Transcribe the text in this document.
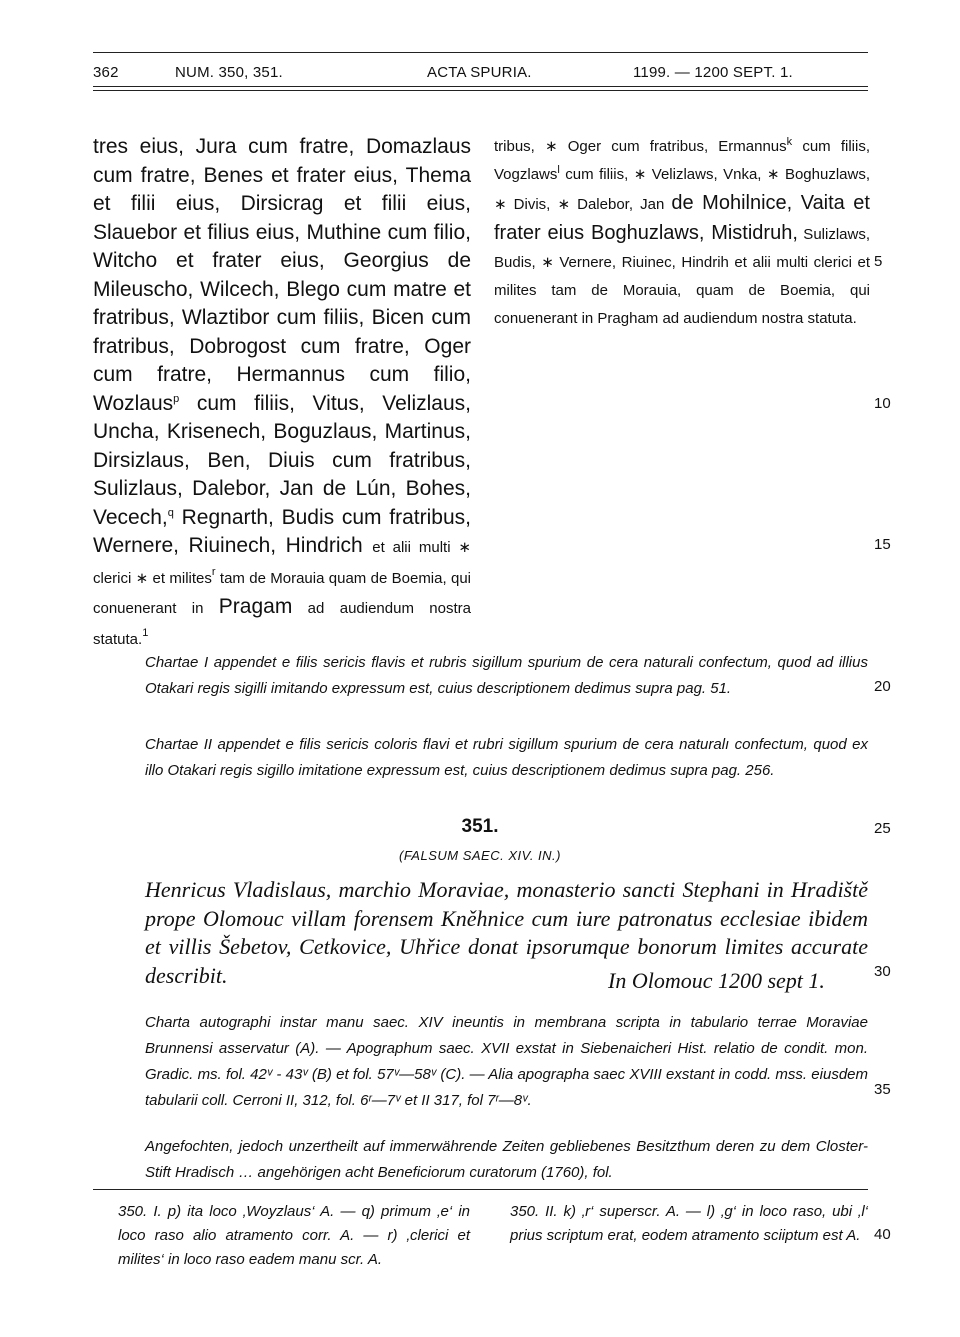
362	NUM. 350, 351.	ACTA SPURIA.	1199. — 1200 SEPT. 1.
tres eius, Jura cum fratre, Domazlaus cum fratre, Benes et frater eius, Thema et filii eius, Dirsicrag et filii eius, Slauebor et filius eius, Muthine cum filio, Witcho et frater eius, Georgius de Mileuscho, Wilcech, Blego cum matre et fratribus, Wlaztibor cum filiis, Bicen cum fratribus, Dobrogost cum fratre, Oger cum fratre, Hermannus cum filio, Wozlaus$^p$ cum filiis, Vitus, Velizlaus, Uncha, Krisenech, Boguzlaus, Martinus, Dirsizlaus, Ben, Diuis cum fratribus, Sulizlaus, Dalebor, Jan de Lún, Bohes, Vecech,$^q$ Regnarth, Budis cum fratribus, Wernere, Riuinech, Hindrich et alii multi ∗ clerici ∗ et milites$^r$ tam de Morauia quam de Boemia, qui conuenerant in Pragam ad audiendum nostra statuta.$^1$
tribus, ∗ Oger cum fratribus, Ermannus$^k$ cum filiis, Vogzlaws$^l$ cum filiis, ∗ Velizlaws, Vnka, ∗ Boghuzlaws, ∗ Divis, ∗ Dalebor, Jan de Mohilnice, Vaita et frater eius Boghuzlaws, Mistidruh, Sulizlaws, Budis, ∗ Vernere, Riuinec, Hindrih et alii multi clerici et milites tam de Morauia, quam de Boemia, qui conuenerant in Pragham ad audiendum nostra statuta.
5
10
15
20
25
30
35
40
Chartae I appendet e filis sericis flavis et rubris sigillum spurium de cera naturali confectum, quod ad illius Otakari regis sigilli imitando expressum est, cuius descriptionem dedimus supra pag. 51.
Chartae II appendet e filis sericis coloris flavi et rubri sigillum spurium de cera naturalı confectum, quod ex illo Otakari regis sigillo imitatione expressum est, cuius descriptionem dedimus supra pag. 256.
351.
(FALSUM SAEC. XIV. IN.)
Henricus Vladislaus, marchio Moraviae, monasterio sancti Stephani in Hradiště prope Olomouc villam forensem Kněhnice cum iure patronatus ecclesiae ibidem et villis Šebetov, Cetkovice, Uhřice donat ipsorumque bonorum limites accurate describit.	In Olomouc 1200 sept 1.
Charta autographi instar manu saec. XIV ineuntis in membrana scripta in tabulario terrae Moraviae Brunnensi asservatur (A). — Apographum saec. XVII exstat in Siebenaicheri Hist. relatio de condit. mon. Gradic. ms. fol. 42ᵛ - 43ᵛ (B) et fol. 57ᵛ—58ᵛ (C). — Alia apographa saec XVIII exstant in codd. mss. eiusdem tabularii coll. Cerroni II, 312, fol. 6ʳ—7ᵛ et II 317, fol 7ʳ—8ᵛ.
Angefochten, jedoch unzertheilt auf immerwährende Zeiten gebliebenes Besitzthum deren zu dem Closter-Stift Hradisch … angehörigen acht Beneficiorum curatorum (1760), fol.
350. I. p) ita loco ‚Woyzlaus‘ A. — q) primum ‚e‘ in loco raso alio atramento corr. A. — r) ‚clerici et milites‘ in loco raso eadem manu scr. A.
350. II. k) ‚r‘ superscr. A. — l) ‚g‘ in loco raso, ubi ‚l‘ prius scriptum erat, eodem atramento sciiptum est A.
